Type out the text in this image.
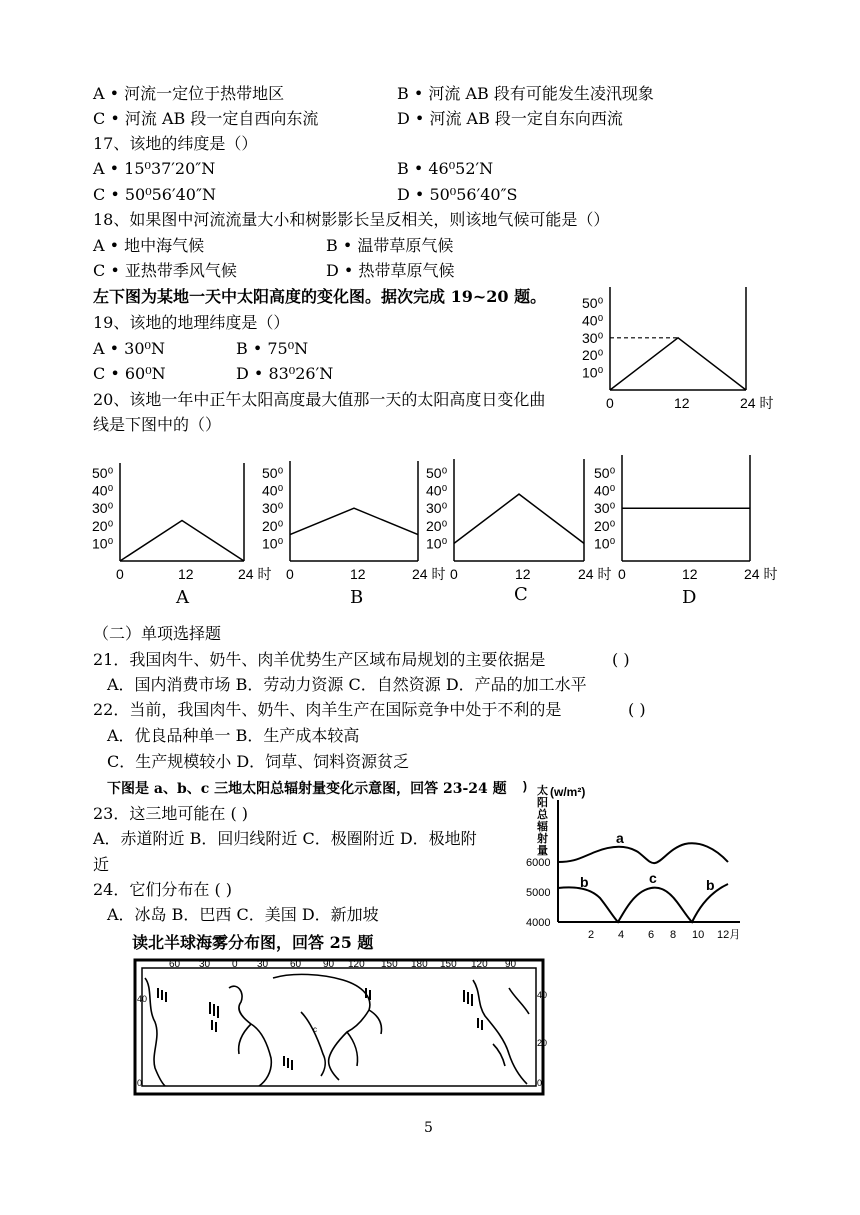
A • 河流一定位于热带地区	B • 河流 AB 段有可能发生凌汛现象
C • 河流 AB 段一定自西向东流	D • 河流 AB 段一定自东向西流
17、该地的纬度是（）
A • 15⁰37′20″N	B • 46⁰52′N
C • 50⁰56′40″N	D • 50⁰56′40″S
18、如果图中河流流量大小和树影影长呈反相关，则该地气候可能是（）
A • 地中海气候	B • 温带草原气候
C • 亚热带季风气候	D • 热带草原气候
左下图为某地一天中太阳高度的变化图。据次完成 19~20 题。
19、该地的地理纬度是（）
A • 30⁰N	B • 75⁰N
C • 60⁰N	D • 83⁰26′N
20、该地一年中正午太阳高度最大值那一天的太阳高度日变化曲
线是下图中的（）
50⁰
40⁰
30⁰
20⁰
10⁰
0	12	24 时
50⁰
40⁰
30⁰
20⁰
10⁰
0	12	24 时
50⁰
40⁰
30⁰
20⁰
10⁰
0	12	24 时
50⁰
40⁰
30⁰
20⁰
10⁰
0	12	24 时
50⁰
40⁰
30⁰
20⁰
10⁰
0	12	24 时
A	B	C	D
（二）单项选择题
21．我国肉牛、奶牛、肉羊优势生产区域布局规划的主要依据是	( )
A．国内消费市场 B．劳动力资源 C．自然资源 D．产品的加工水平
22．当前，我国肉牛、奶牛、肉羊生产在国际竞争中处于不利的是	( )
A．优良品种单一 B．生产成本较高
C．生产规模较小 D．饲草、饲料资源贫乏
下图是 a、b、c 三地太阳总辐射量变化示意图，回答 23-24 题
23．这三地可能在 ( )
A．赤道附近 B．回归线附近 C．极圈附近 D．极地附
近
24．它们分布在 ( )
A．冰岛 B．巴西 C．美国 D．新加坡
读北半球海雾分布图，回答 25 题
) 太
阳
总
辐
射
量
(w/m²)
6000
5000
4000
2 4 6 8 10 12月
a
c
b	b
60 30 0 30 60 90 120 150 180 150 120 90
40
20
0
40
0
c
5
